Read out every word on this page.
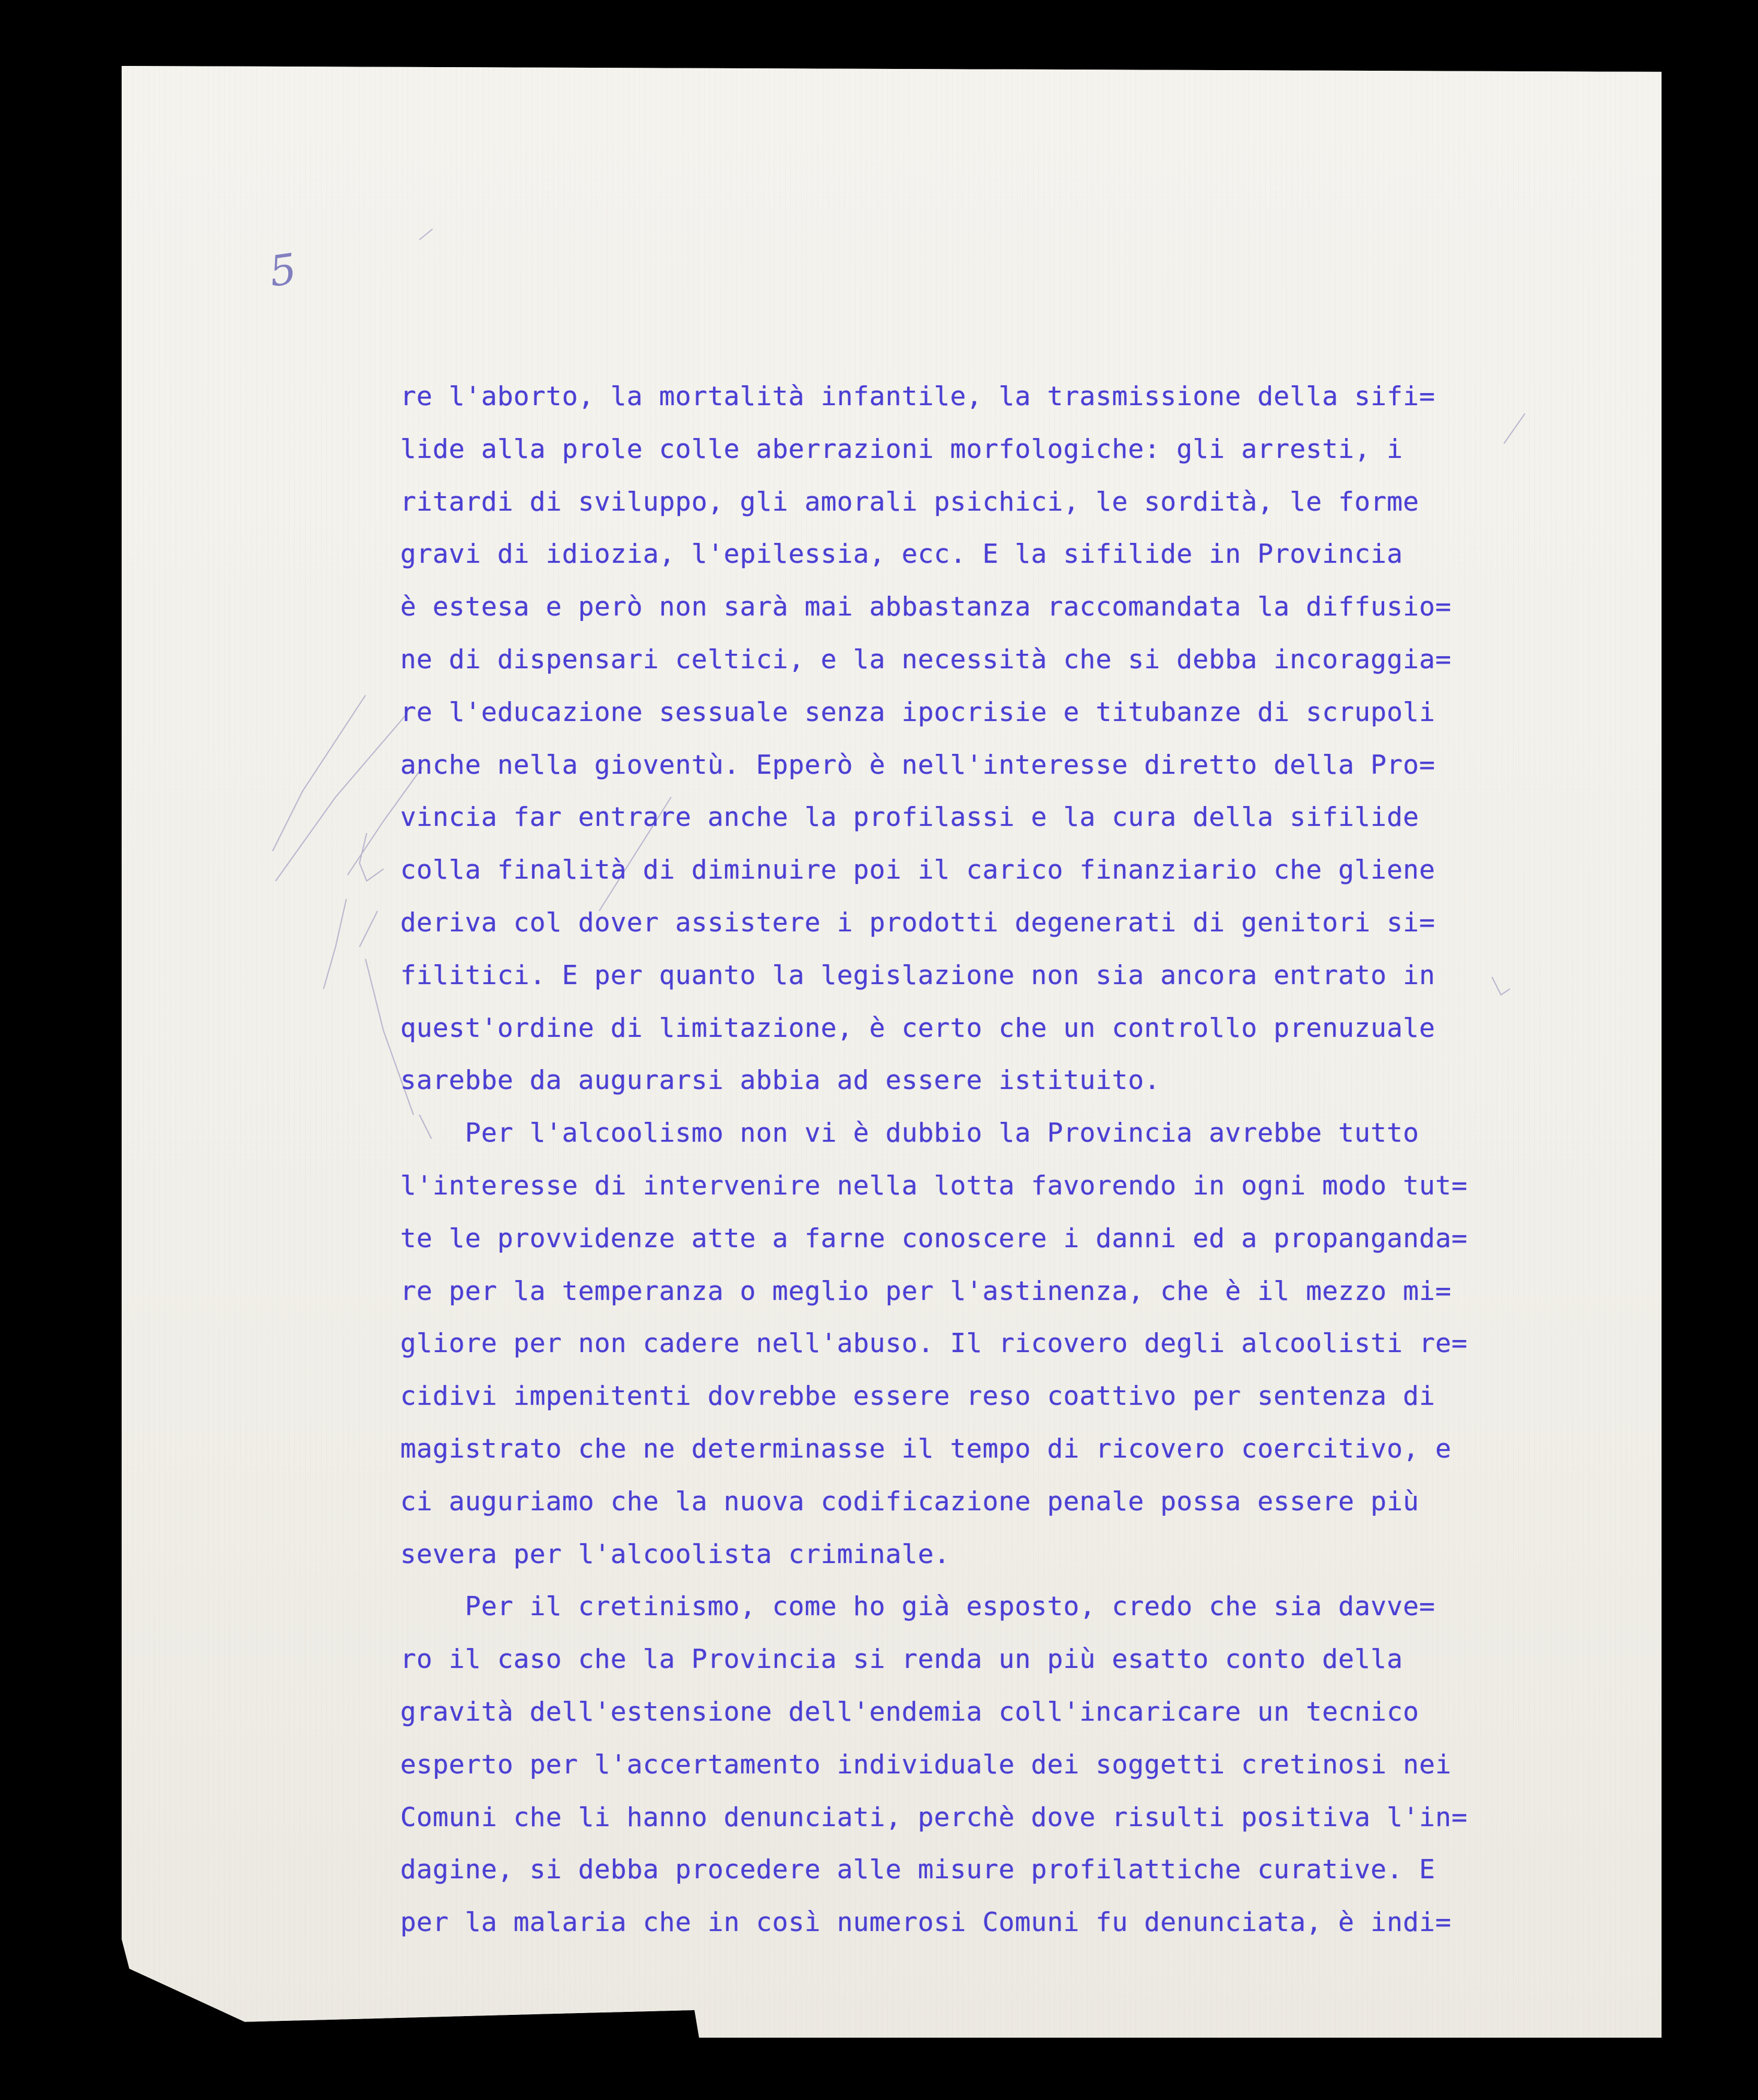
5
re l'aborto, la mortalità infantile, la trasmissione della sifi=
lide alla prole colle aberrazioni morfologiche: gli arresti, i
ritardi di sviluppo, gli amorali psichici, le sordità, le forme
gravi di idiozia, l'epilessia, ecc. E la sifilide in Provincia
è estesa e però non sarà mai abbastanza raccomandata la diffusio=
ne di dispensari celtici, e la necessità che si debba incoraggia=
re l'educazione sessuale senza ipocrisie e titubanze di scrupoli
anche nella gioventù. Epperò è nell'interesse diretto della Pro=
vincia far entrare anche la profilassi e la cura della sifilide
colla finalità di diminuire poi il carico finanziario che gliene
deriva col dover assistere i prodotti degenerati di genitori si=
filitici. E per quanto la legislazione non sia ancora entrato in
quest'ordine di limitazione, è certo che un controllo prenuzuale
sarebbe da augurarsi abbia ad essere istituito.
Per l'alcoolismo non vi è dubbio la Provincia avrebbe tutto
l'interesse di intervenire nella lotta favorendo in ogni modo tut=
te le provvidenze atte a farne conoscere i danni ed a propanganda=
re per la temperanza o meglio per l'astinenza, che è il mezzo mi=
gliore per non cadere nell'abuso. Il ricovero degli alcoolisti re=
cidivi impenitenti dovrebbe essere reso coattivo per sentenza di
magistrato che ne determinasse il tempo di ricovero coercitivo, e
ci auguriamo che la nuova codificazione penale possa essere più
severa per l'alcoolista criminale.
Per il cretinismo, come ho già esposto, credo che sia davve=
ro il caso che la Provincia si renda un più esatto conto della
gravità dell'estensione dell'endemia coll'incaricare un tecnico
esperto per l'accertamento individuale dei soggetti cretinosi nei
Comuni che li hanno denunciati, perchè dove risulti positiva l'in=
dagine, si debba procedere alle misure profilattiche curative. E
per la malaria che in così numerosi Comuni fu denunciata, è indi=
